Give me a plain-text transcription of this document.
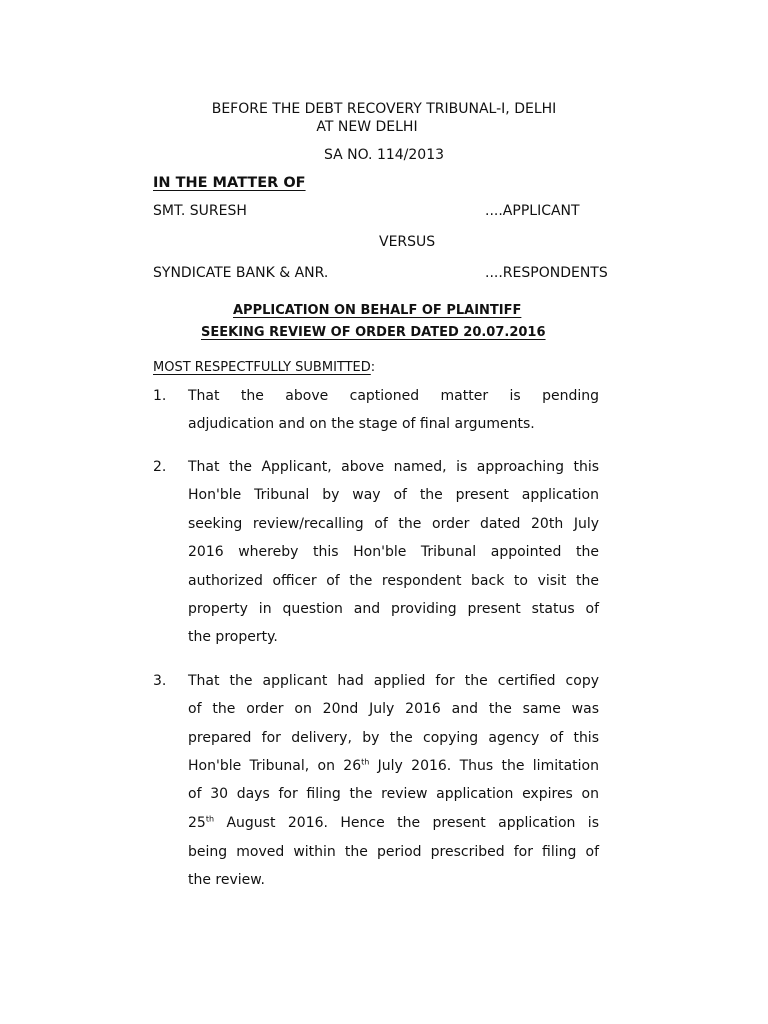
BEFORE THE DEBT RECOVERY TRIBUNAL-I, DELHI
AT NEW DELHI
SA NO. 114/2013
IN THE MATTER OF
SMT. SURESH	....APPLICANT
VERSUS
SYNDICATE BANK & ANR.	....RESPONDENTS
APPLICATION ON BEHALF OF PLAINTIFF
SEEKING REVIEW OF ORDER DATED 20.07.2016
MOST RESPECTFULLY SUBMITTED:
1. That the above captioned matter is pending
adjudication and on the stage of final arguments.
2. That the Applicant, above named, is approaching this
Hon'ble Tribunal by way of the present application
seeking review/recalling of the order dated 20th July
2016 whereby this Hon'ble Tribunal appointed the
authorized officer of the respondent back to visit the
property in question and providing present status of
the property.
3. That the applicant had applied for the certified copy
of the order on 20nd July 2016 and the same was
prepared for delivery, by the copying agency of this
Hon'ble Tribunal, on 26th July 2016. Thus the limitation
of 30 days for filing the review application expires on
25th August 2016. Hence the present application is
being moved within the period prescribed for filing of
the review.
